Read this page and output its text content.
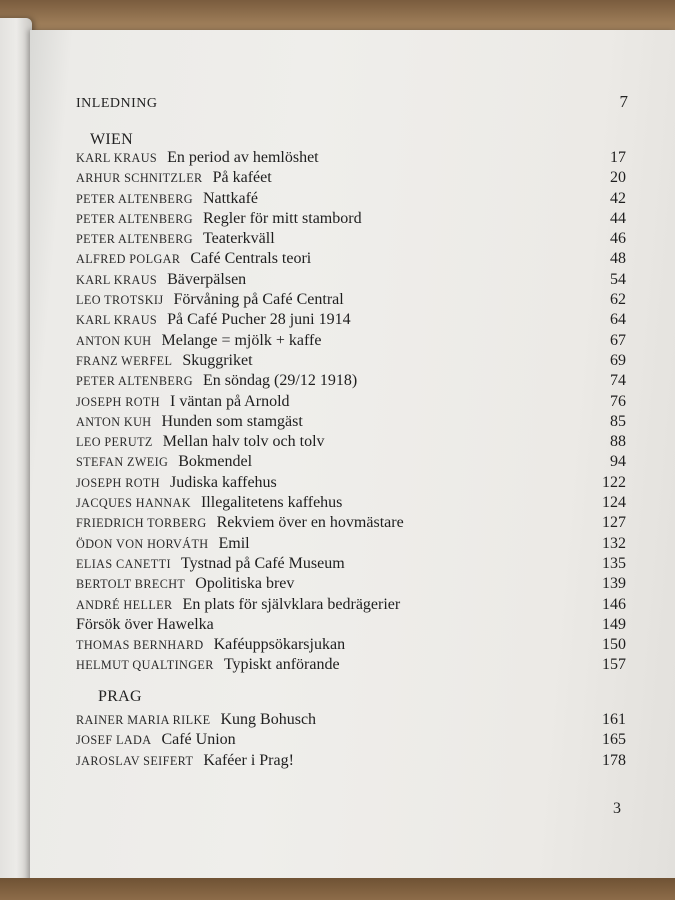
INLEDNING	7
WIEN
KARL KRAUS En period av hemlöshet	17
ARHUR SCHNITZLER På kaféet	20
PETER ALTENBERG Nattkafé	42
PETER ALTENBERG Regler för mitt stambord	44
PETER ALTENBERG Teaterkväll	46
ALFRED POLGAR Café Centrals teori	48
KARL KRAUS Bäverpälsen	54
LEO TROTSKIJ Förvåning på Café Central	62
KARL KRAUS På Café Pucher 28 juni 1914	64
ANTON KUH Melange = mjölk + kaffe	67
FRANZ WERFEL Skuggriket	69
PETER ALTENBERG En söndag (29/12 1918)	74
JOSEPH ROTH I väntan på Arnold	76
ANTON KUH Hunden som stamgäst	85
LEO PERUTZ Mellan halv tolv och tolv	88
STEFAN ZWEIG Bokmendel	94
JOSEPH ROTH Judiska kaffehus	122
JACQUES HANNAK Illegalitetens kaffehus	124
FRIEDRICH TORBERG Rekviem över en hovmästare	127
ÖDON VON HORVÁTH Emil	132
ELIAS CANETTI Tystnad på Café Museum	135
BERTOLT BRECHT Opolitiska brev	139
ANDRÉ HELLER En plats för självklara bedrägerier	146
Försök över Hawelka	149
THOMAS BERNHARD Kaféuppsökarsjukan	150
HELMUT QUALTINGER Typiskt anförande	157
PRAG
RAINER MARIA RILKE Kung Bohusch	161
JOSEF LADA Café Union	165
JAROSLAV SEIFERT Kaféer i Prag!	178
3
